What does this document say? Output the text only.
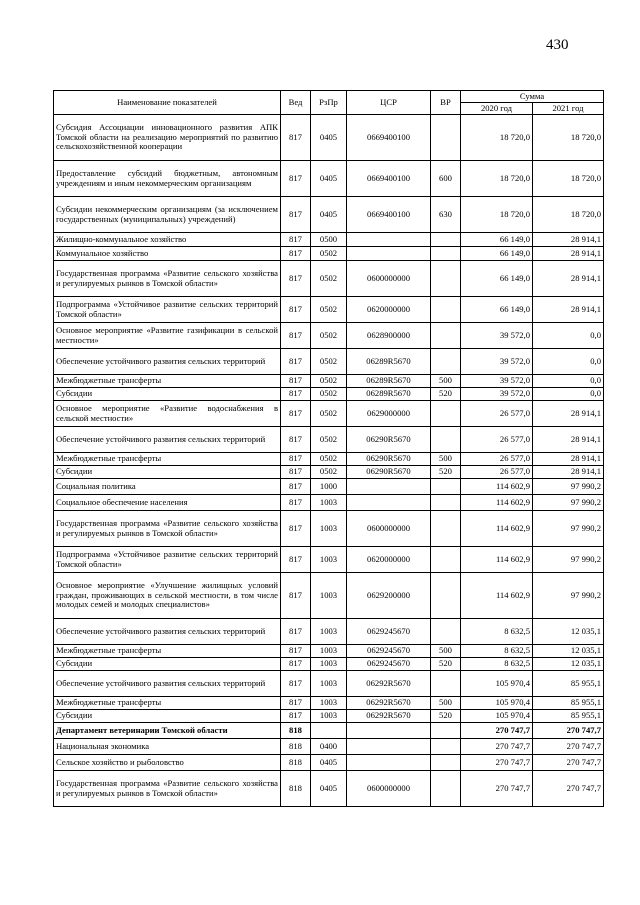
430
Наименование показателей	Вед	РзПр	ЦСР	ВР	Сумма	
					2020 год	2021 год
Субсидия Ассоциации инновационного развития АПК Томской области на реализацию мероприятий по развитию сельскохозяйственной кооперации	817	0405	0669400100		18 720,0	18 720,0
Предоставление субсидий бюджетным, автономным учреждениям и иным некоммерческим организациям	817	0405	0669400100	600	18 720,0	18 720,0
Субсидии некоммерческим организациям (за исключением государственных (муниципальных) учреждений)	817	0405	0669400100	630	18 720,0	18 720,0
Жилищно-коммунальное хозяйство	817	0500			66 149,0	28 914,1
Коммунальное хозяйство	817	0502			66 149,0	28 914,1
Государственная программа «Развитие сельского хозяйства и регулируемых рынков в Томской области»	817	0502	0600000000		66 149,0	28 914,1
Подпрограмма «Устойчивое развитие сельских территорий Томской области»	817	0502	0620000000		66 149,0	28 914,1
Основное мероприятие «Развитие газификации в сельской местности»	817	0502	0628900000		39 572,0	0,0
Обеспечение устойчивого развития сельских территорий	817	0502	06289R5670		39 572,0	0,0
Межбюджетные трансферты	817	0502	06289R5670	500	39 572,0	0,0
Субсидии	817	0502	06289R5670	520	39 572,0	0,0
Основное мероприятие «Развитие водоснабжения в сельской местности»	817	0502	0629000000		26 577,0	28 914,1
Обеспечение устойчивого развития сельских территорий	817	0502	06290R5670		26 577,0	28 914,1
Межбюджетные трансферты	817	0502	06290R5670	500	26 577,0	28 914,1
Субсидии	817	0502	06290R5670	520	26 577,0	28 914,1
Социальная политика	817	1000			114 602,9	97 990,2
Социальное обеспечение населения	817	1003			114 602,9	97 990,2
Государственная программа «Развитие сельского хозяйства и регулируемых рынков в Томской области»	817	1003	0600000000		114 602,9	97 990,2
Подпрограмма «Устойчивое развитие сельских территорий Томской области»	817	1003	0620000000		114 602,9	97 990,2
Основное мероприятие «Улучшение жилищных условий граждан, проживающих в сельской местности, в том числе молодых семей и молодых специалистов»	817	1003	0629200000		114 602,9	97 990,2
Обеспечение устойчивого развития сельских территорий	817	1003	0629245670		8 632,5	12 035,1
Межбюджетные трансферты	817	1003	0629245670	500	8 632,5	12 035,1
Субсидии	817	1003	0629245670	520	8 632,5	12 035,1
Обеспечение устойчивого развития сельских территорий	817	1003	06292R5670		105 970,4	85 955,1
Межбюджетные трансферты	817	1003	06292R5670	500	105 970,4	85 955,1
Субсидии	817	1003	06292R5670	520	105 970,4	85 955,1
Департамент ветеринарии Томской области	818				270 747,7	270 747,7
Национальная экономика	818	0400			270 747,7	270 747,7
Сельское хозяйство и рыболовство	818	0405			270 747,7	270 747,7
Государственная программа «Развитие сельского хозяйства и регулируемых рынков в Томской области»	818	0405	0600000000		270 747,7	270 747,7
